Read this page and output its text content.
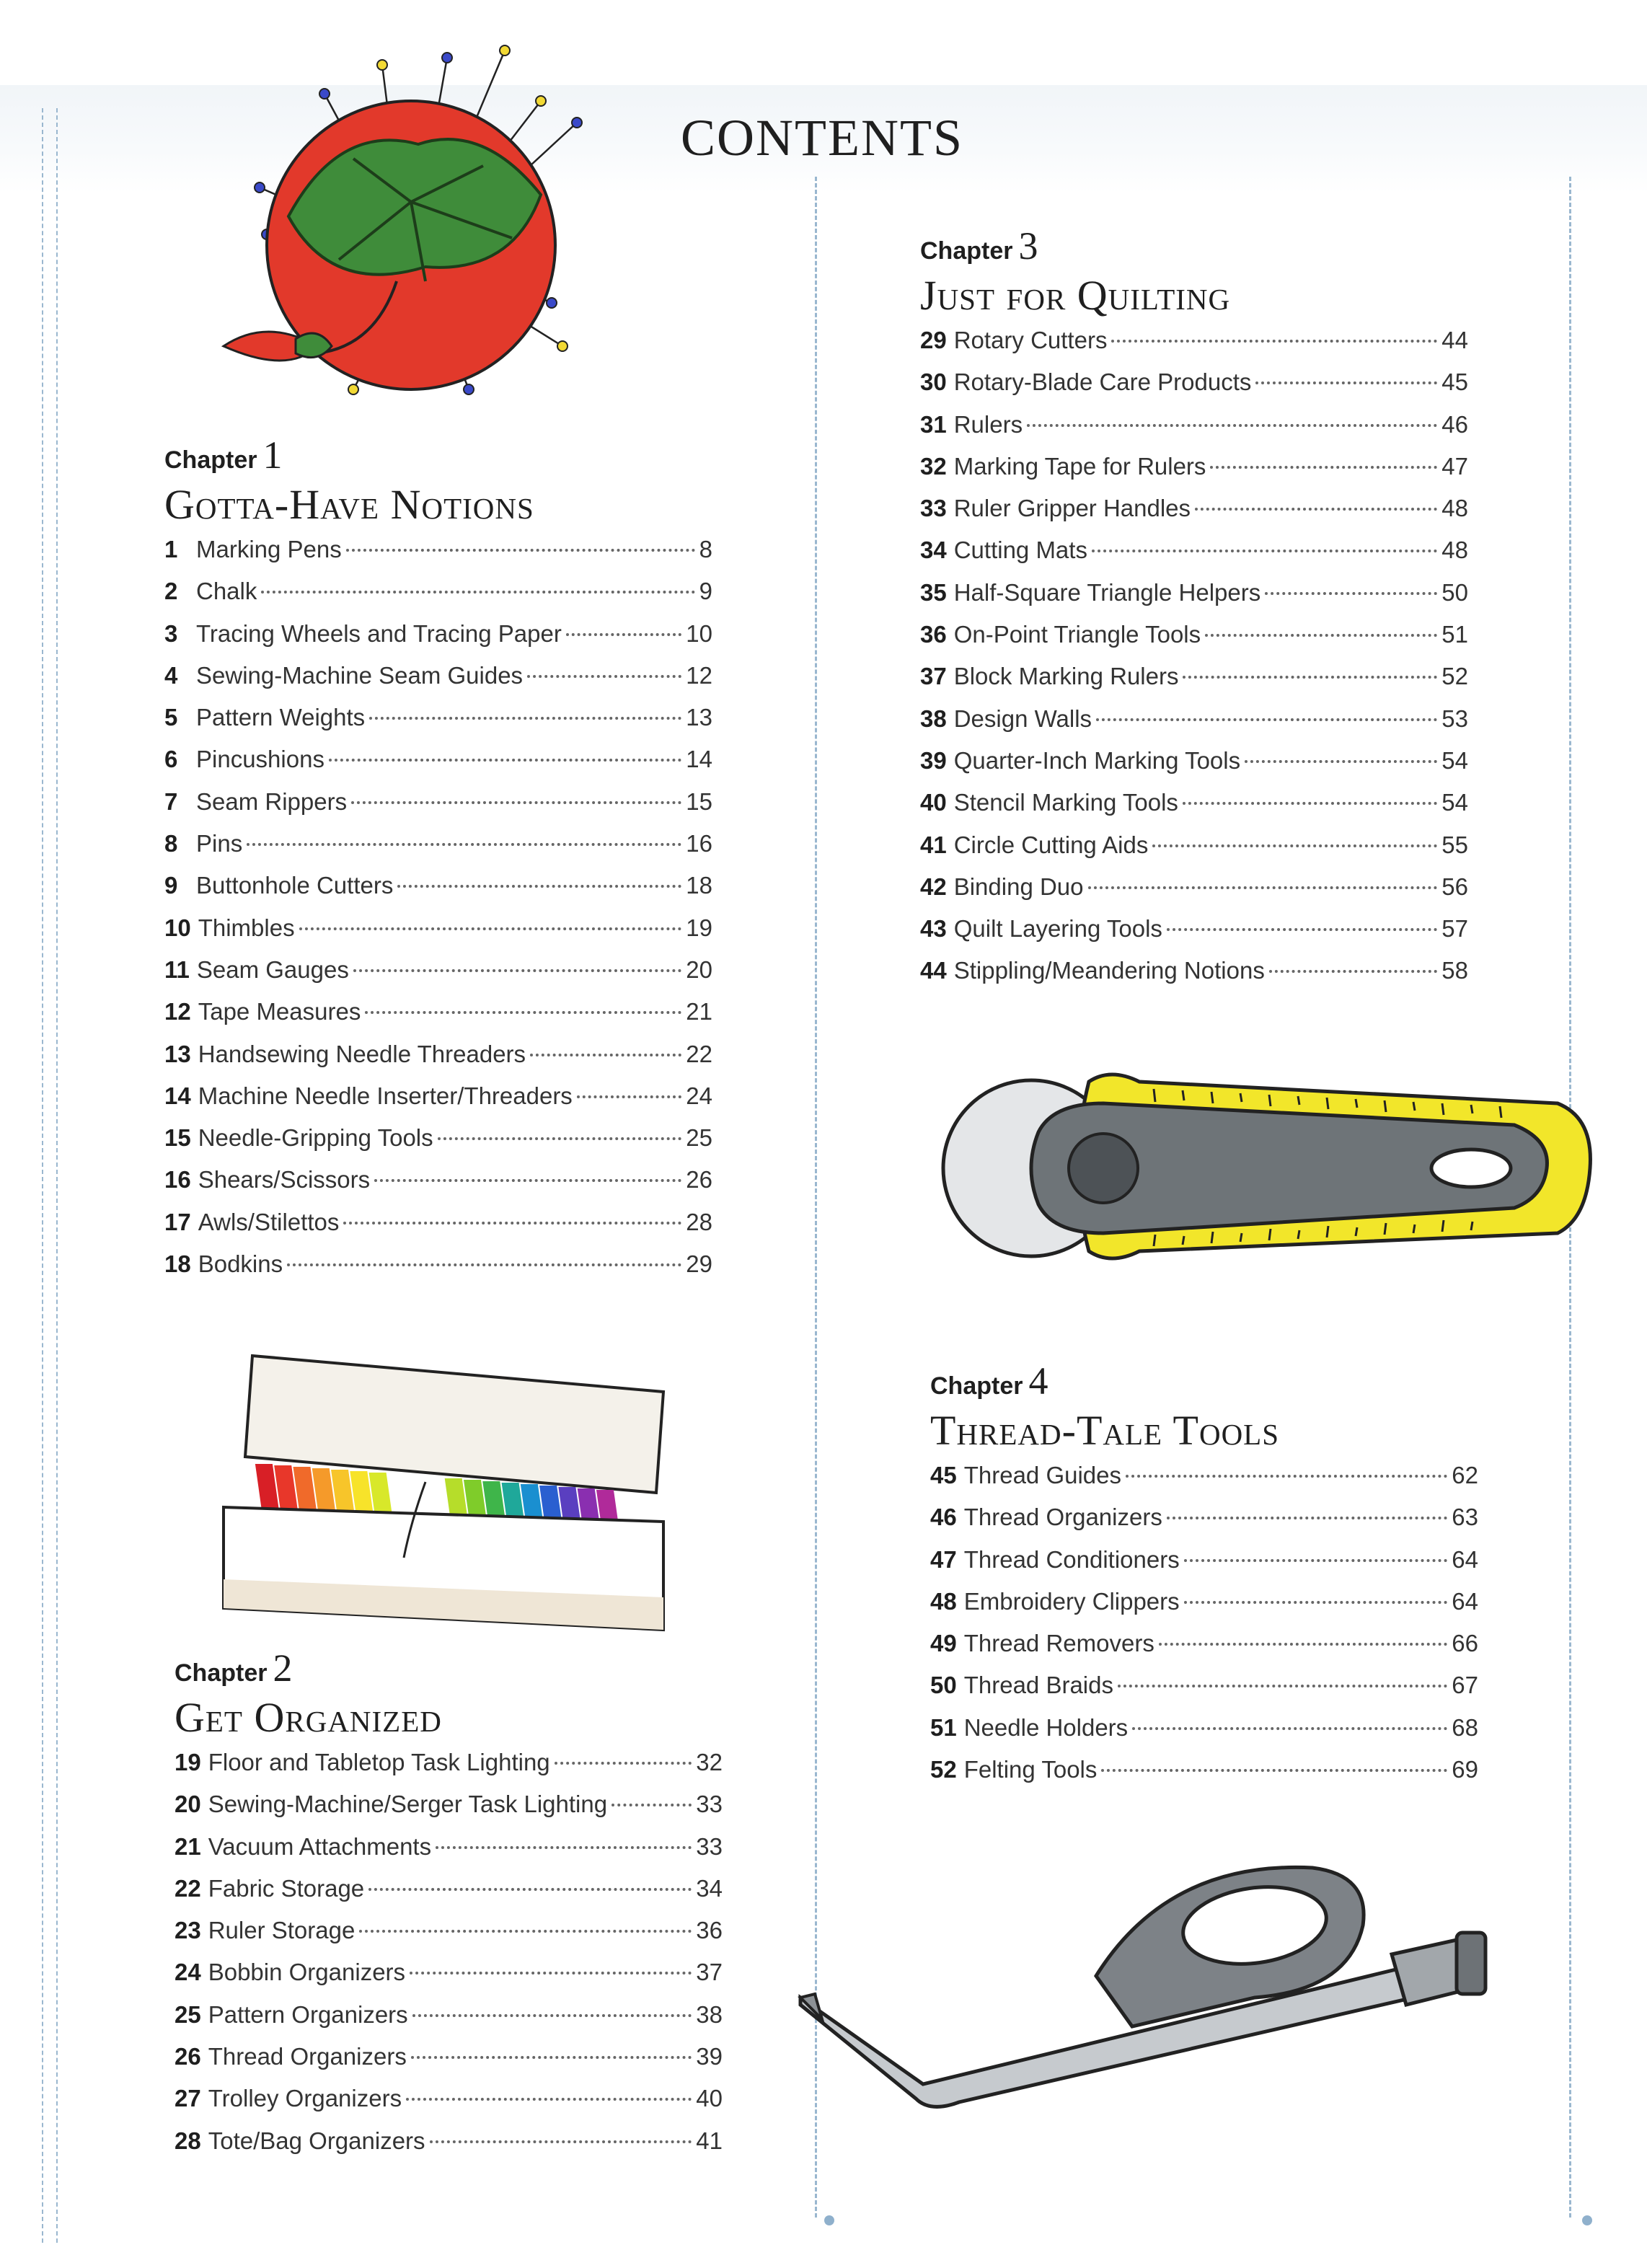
CONTENTS
Chapter 1
Gotta-Have Notions
1 Marking Pens	8
2 Chalk	9
3 Tracing Wheels and Tracing Paper	10
4 Sewing-Machine Seam Guides	12
5 Pattern Weights	13
6 Pincushions	14
7 Seam Rippers	15
8 Pins	16
9 Buttonhole Cutters	18
10 Thimbles	19
11 Seam Gauges	20
12 Tape Measures	21
13 Handsewing Needle Threaders	22
14 Machine Needle Inserter/Threaders	24
15 Needle-Gripping Tools	25
16 Shears/Scissors	26
17 Awls/Stilettos	28
18 Bodkins	29
Chapter 2
Get Organized
19 Floor and Tabletop Task Lighting	32
20 Sewing-Machine/Serger Task Lighting	33
21 Vacuum Attachments	33
22 Fabric Storage	34
23 Ruler Storage	36
24 Bobbin Organizers	37
25 Pattern Organizers	38
26 Thread Organizers	39
27 Trolley Organizers	40
28 Tote/Bag Organizers	41
Chapter 3
Just for Quilting
29 Rotary Cutters	44
30 Rotary-Blade Care Products	45
31 Rulers	46
32 Marking Tape for Rulers	47
33 Ruler Gripper Handles	48
34 Cutting Mats	48
35 Half-Square Triangle Helpers	50
36 On-Point Triangle Tools	51
37 Block Marking Rulers	52
38 Design Walls	53
39 Quarter-Inch Marking Tools	54
40 Stencil Marking Tools	54
41 Circle Cutting Aids	55
42 Binding Duo	56
43 Quilt Layering Tools	57
44 Stippling/Meandering Notions	58
Chapter 4
Thread-Tale Tools
45 Thread Guides	62
46 Thread Organizers	63
47 Thread Conditioners	64
48 Embroidery Clippers	64
49 Thread Removers	66
50 Thread Braids	67
51 Needle Holders	68
52 Felting Tools	69
